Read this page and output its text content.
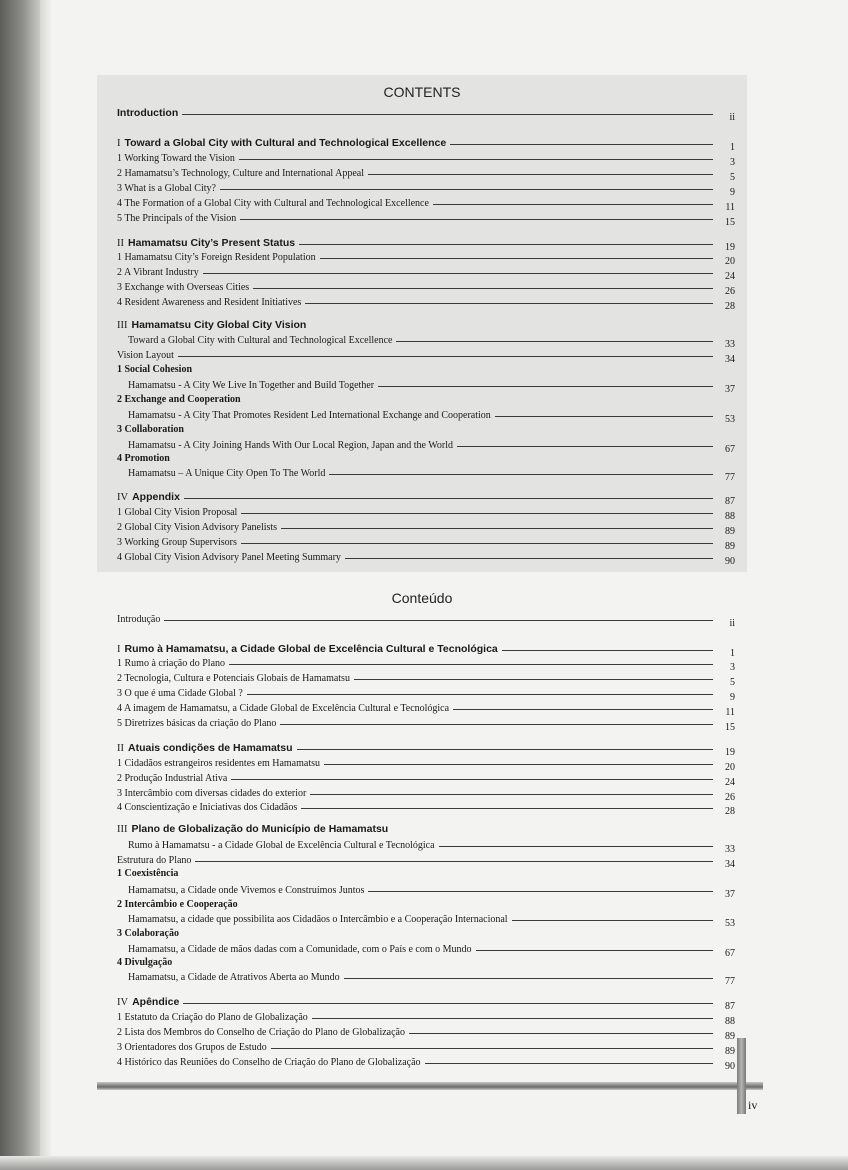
CONTENTS
Introduction	ii
I Toward a Global City with Cultural and Technological Excellence	1
1 Working Toward the Vision	3
2 Hamamatsu’s Technology, Culture and International Appeal	5
3 What is a Global City?	9
4 The Formation of a Global City with Cultural and Technological Excellence	11
5 The Principals of the Vision	15
II Hamamatsu City’s Present Status	19
1 Hamamatsu City’s Foreign Resident Population	20
2 A Vibrant Industry	24
3 Exchange with Overseas Cities	26
4 Resident Awareness and Resident Initiatives	28
III Hamamatsu City Global City Vision
Toward a Global City with Cultural and Technological Excellence	33
Vision Layout	34
1 Social Cohesion
Hamamatsu - A City We Live In Together and Build Together	37
2 Exchange and Cooperation
Hamamatsu - A City That Promotes Resident Led International Exchange and Cooperation	53
3 Collaboration
Hamamatsu - A City Joining Hands With Our Local Region, Japan and the World	67
4 Promotion
Hamamatsu – A Unique City Open To The World	77
IV Appendix	87
1 Global City Vision Proposal	88
2 Global City Vision Advisory Panelists	89
3 Working Group Supervisors	89
4 Global City Vision Advisory Panel Meeting Summary	90
Conteúdo
Introdução	ii
I Rumo à Hamamatsu, a Cidade Global de Excelência Cultural e Tecnológica	1
1 Rumo à criação do Plano	3
2 Tecnologia, Cultura e Potenciais Globais de Hamamatsu	5
3 O que é uma Cidade Global ?	9
4 A imagem de Hamamatsu, a Cidade Global de Excelência Cultural e Tecnológica	11
5 Diretrizes básicas da criação do Plano	15
II Atuais condições de Hamamatsu	19
1 Cidadãos estrangeiros residentes em Hamamatsu	20
2 Produção Industrial Ativa	24
3 Intercâmbio com diversas cidades do exterior	26
4 Conscientização e Iniciativas dos Cidadãos	28
III Plano de Globalização do Município de Hamamatsu
Rumo à Hamamatsu - a Cidade Global de Excelência Cultural e Tecnológica	33
Estrutura do Plano	34
1 Coexistência
Hamamatsu, a Cidade onde Vivemos e Construímos Juntos	37
2 Intercâmbio e Cooperação
Hamamatsu, a cidade que possibilita aos Cidadãos o Intercâmbio e a Cooperação Internacional	53
3 Colaboração
Hamamatsu, a Cidade de mãos dadas com a Comunidade, com o País e com o Mundo	67
4 Divulgação
Hamamatsu, a Cidade de Atrativos Aberta ao Mundo	77
IV Apêndice	87
1 Estatuto da Criação do Plano de Globalização	88
2 Lista dos Membros do Conselho de Criação do Plano de Globalização	89
3 Orientadores dos Grupos de Estudo	89
4 Histórico das Reuniões do Conselho de Criação do Plano de Globalização	90
iv
